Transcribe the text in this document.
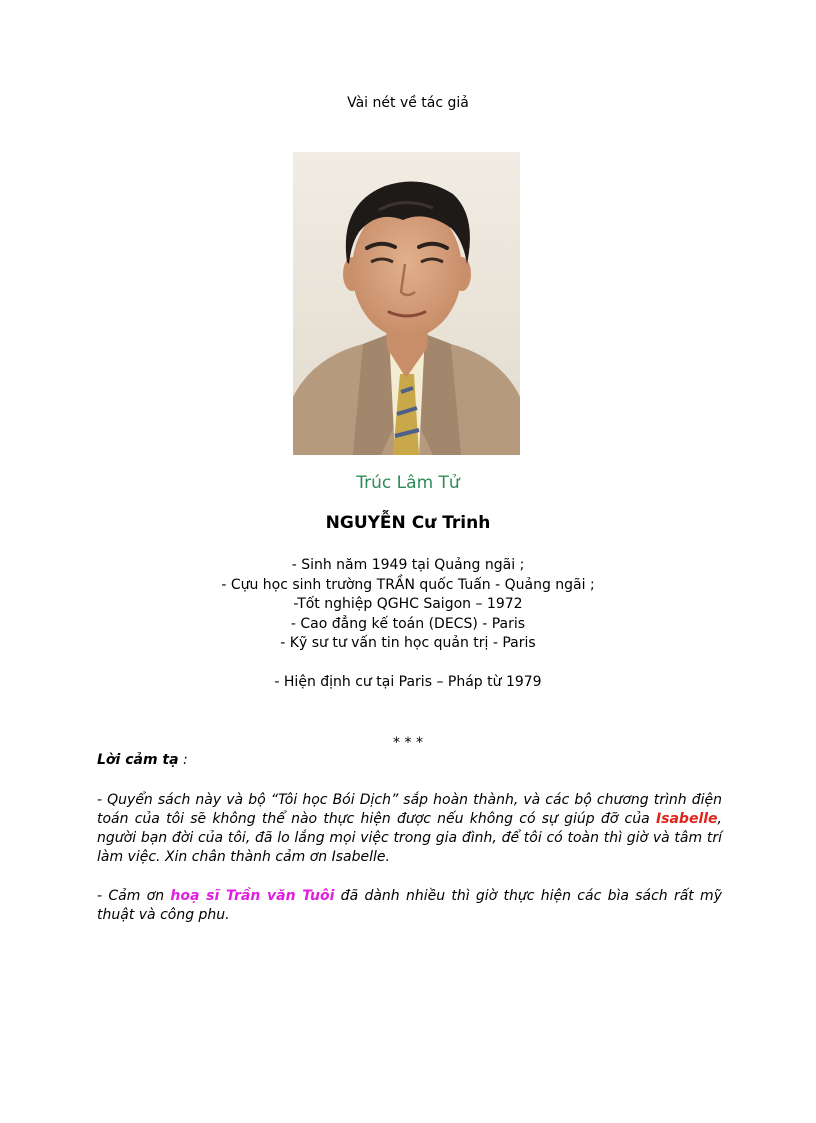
Vài nét về tác giả
Trúc Lâm Tử
NGUYỄN Cư Trinh
- Sinh năm 1949 tại Quảng ngãi ;
- Cựu học sinh trường TRẦN quốc Tuấn - Quảng ngãi ;
-Tốt nghiệp QGHC Saigon – 1972
- Cao đẳng kế toán (DECS) - Paris
- Kỹ sư tư vấn tin học quản trị - Paris
- Hiện định cư tại Paris – Pháp từ 1979
* * *
Lời cảm tạ :
- Quyển sách này và bộ “Tôi học Bói Dịch” sắp hoàn thành, và các bộ chương trình điện toán của tôi sẽ không thể nào thực hiện được nếu không có sự giúp đỡ của Isabelle, người bạn đời của tôi, đã lo lắng mọi việc trong gia đình, để tôi có toàn thì giờ và tâm trí làm việc. Xin chân thành cảm ơn Isabelle.
- Cảm ơn hoạ sĩ Trần văn Tuôi đã dành nhiều thì giờ thực hiện các bìa sách rất mỹ thuật và công phu.
